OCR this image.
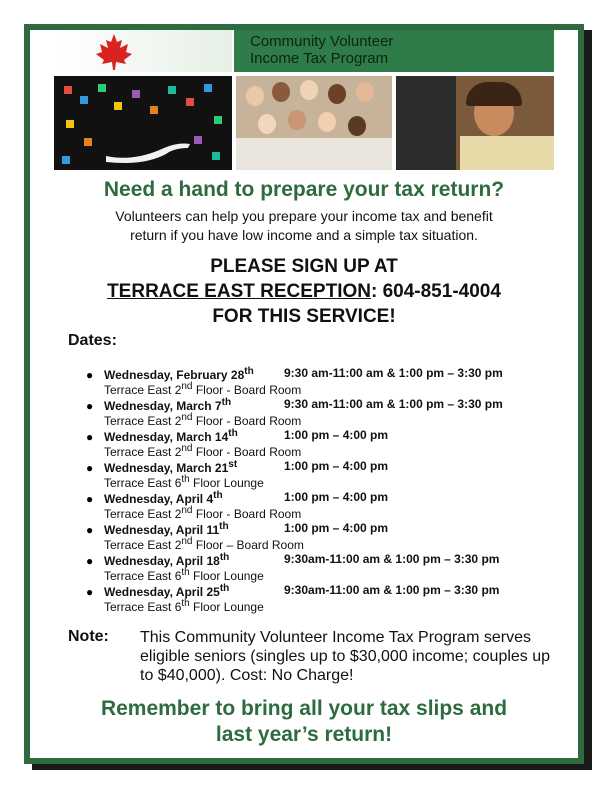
Community Volunteer
Income Tax Program
Need a hand to prepare your tax return?
Volunteers can help you prepare your income tax and benefit
return if you have low income and a simple tax situation.
PLEASE SIGN UP AT
TERRACE EAST RECEPTION: 604-851-4004
FOR THIS SERVICE!
Dates:
● Wednesday, February 28th	9:30 am-11:00 am & 1:00 pm – 3:30 pm
Terrace East 2nd Floor - Board Room
● Wednesday, March 7th	9:30 am-11:00 am & 1:00 pm – 3:30 pm
Terrace East 2nd Floor - Board Room
● Wednesday, March 14th	1:00 pm – 4:00 pm
Terrace East 2nd Floor - Board Room
● Wednesday, March 21st	1:00 pm – 4:00 pm
Terrace East 6th Floor Lounge
● Wednesday, April 4th	1:00 pm – 4:00 pm
Terrace East 2nd Floor - Board Room
● Wednesday, April 11th	1:00 pm – 4:00 pm
Terrace East 2nd Floor – Board Room
● Wednesday, April 18th	9:30am-11:00 am & 1:00 pm – 3:30 pm
Terrace East 6th Floor Lounge
● Wednesday, April 25th	9:30am-11:00 am & 1:00 pm – 3:30 pm
Terrace East 6th Floor Lounge
Note: This Community Volunteer Income Tax Program serves eligible seniors (singles up to $30,000 income; couples up to $40,000). Cost: No Charge!
Remember to bring all your tax slips and
last year’s return!
